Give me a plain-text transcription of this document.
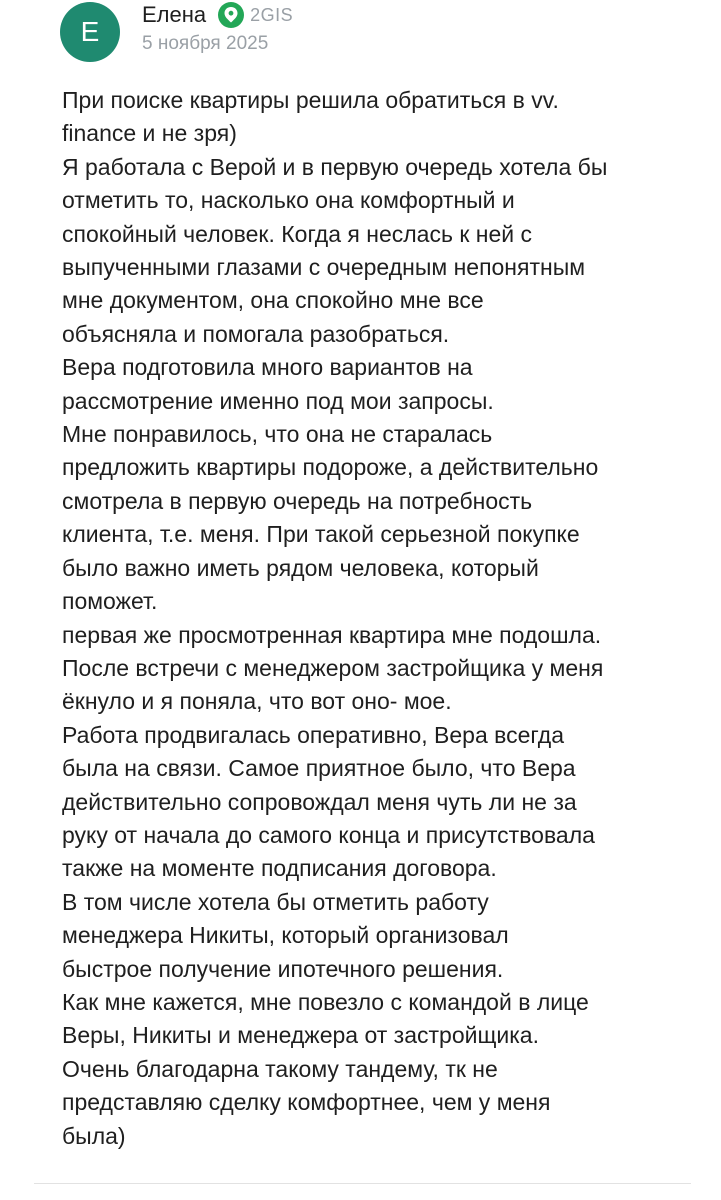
Е
Елена 2GIS
5 ноября 2025

При поиске квартиры решила обратиться в vv.

finance и не зря)

Я работала с Верой и в первую очередь хотела бы

отметить то, насколько она комфортный и

спокойный человек. Когда я неслась к ней с

выпученными глазами с очередным непонятным

мне документом, она спокойно мне все

объясняла и помогала разобраться.

Вера подготовила много вариантов на

рассмотрение именно под мои запросы.

Мне понравилось, что она не старалась

предложить квартиры подороже, а действительно

смотрела в первую очередь на потребность

клиента, т.е. меня. При такой серьезной покупке

было важно иметь рядом человека, который

поможет.

первая же просмотренная квартира мне подошла.

После встречи с менеджером застройщика у меня

ёкнуло и я поняла, что вот оно- мое.

Работа продвигалась оперативно, Вера всегда

была на связи. Самое приятное было, что Вера

действительно сопровождал меня чуть ли не за

руку от начала до самого конца и присутствовала

также на моменте подписания договора.

В том числе хотела бы отметить работу

менеджера Никиты, который организовал

быстрое получение ипотечного решения.

Как мне кажется, мне повезло с командой в лице

Веры, Никиты и менеджера от застройщика.

Очень благодарна такому тандему, тк не

представляю сделку комфортнее, чем у меня

была)
